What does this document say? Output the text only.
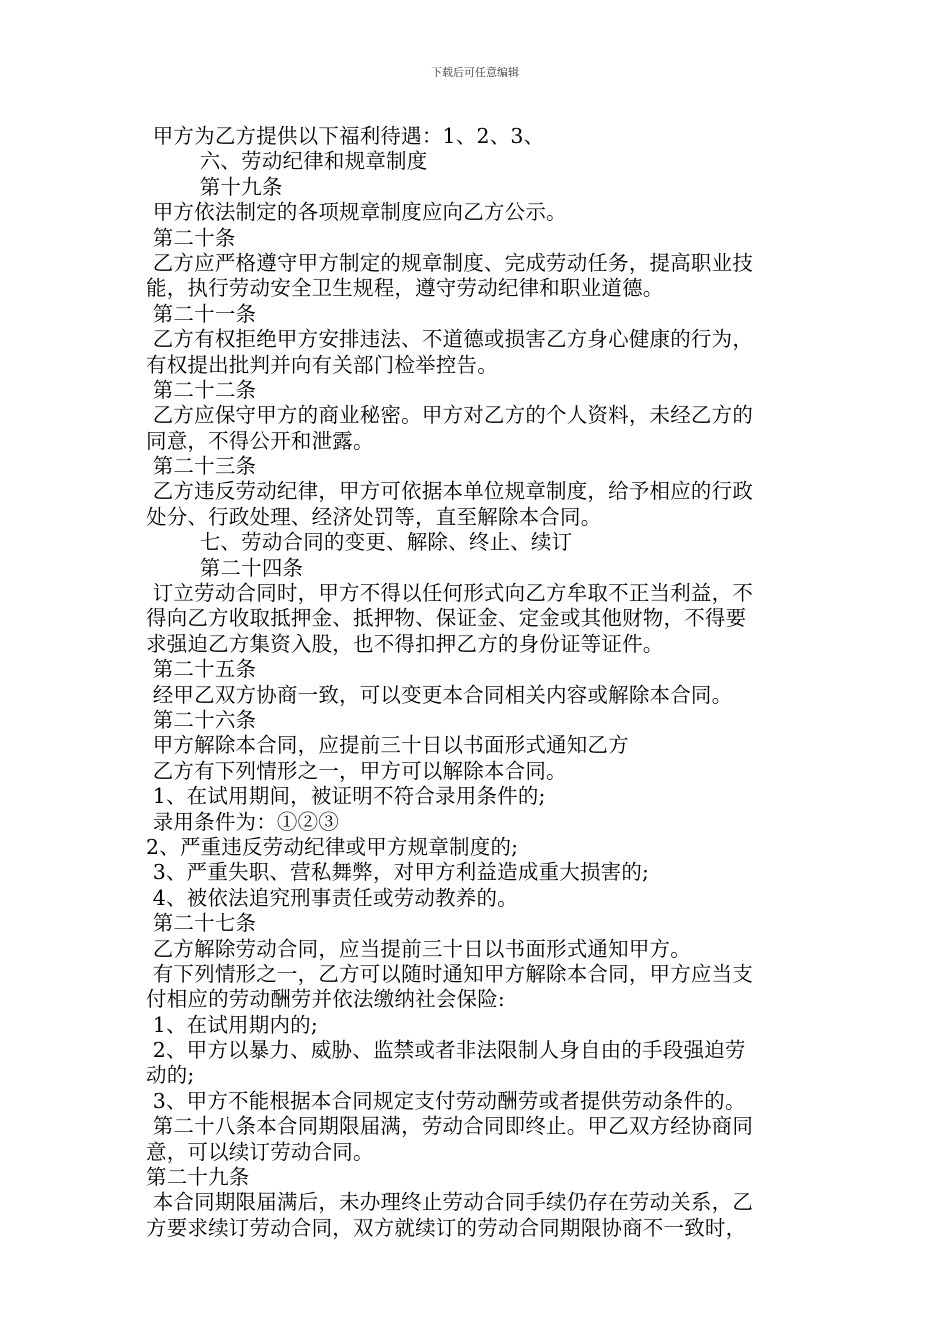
下载后可任意编辑
甲方为乙方提供以下福利待遇：1、2、3、
六、劳动纪律和规章制度
第十九条
甲方依法制定的各项规章制度应向乙方公示。
第二十条
乙方应严格遵守甲方制定的规章制度、完成劳动任务，提高职业技
能，执行劳动安全卫生规程，遵守劳动纪律和职业道德。
第二十一条
乙方有权拒绝甲方安排违法、不道德或损害乙方身心健康的行为，
有权提出批判并向有关部门检举控告。
第二十二条
乙方应保守甲方的商业秘密。甲方对乙方的个人资料，未经乙方的
同意，不得公开和泄露。
第二十三条
乙方违反劳动纪律，甲方可依据本单位规章制度，给予相应的行政
处分、行政处理、经济处罚等，直至解除本合同。
七、劳动合同的变更、解除、终止、续订
第二十四条
订立劳动合同时，甲方不得以任何形式向乙方牟取不正当利益，不
得向乙方收取抵押金、抵押物、保证金、定金或其他财物，不得要
求强迫乙方集资入股，也不得扣押乙方的身份证等证件。
第二十五条
经甲乙双方协商一致，可以变更本合同相关内容或解除本合同。
第二十六条
甲方解除本合同，应提前三十日以书面形式通知乙方
乙方有下列情形之一，甲方可以解除本合同。
1、在试用期间，被证明不符合录用条件的;
录用条件为：①②③
2、严重违反劳动纪律或甲方规章制度的;
3、严重失职、营私舞弊，对甲方利益造成重大损害的;
4、被依法追究刑事责任或劳动教养的。
第二十七条
乙方解除劳动合同，应当提前三十日以书面形式通知甲方。
有下列情形之一，乙方可以随时通知甲方解除本合同，甲方应当支
付相应的劳动酬劳并依法缴纳社会保险:
1、在试用期内的;
2、甲方以暴力、威胁、监禁或者非法限制人身自由的手段强迫劳
动的;
3、甲方不能根据本合同规定支付劳动酬劳或者提供劳动条件的。
第二十八条本合同期限届满，劳动合同即终止。甲乙双方经协商同
意，可以续订劳动合同。
第二十九条
本合同期限届满后，未办理终止劳动合同手续仍存在劳动关系，乙
方要求续订劳动合同，双方就续订的劳动合同期限协商不一致时，
